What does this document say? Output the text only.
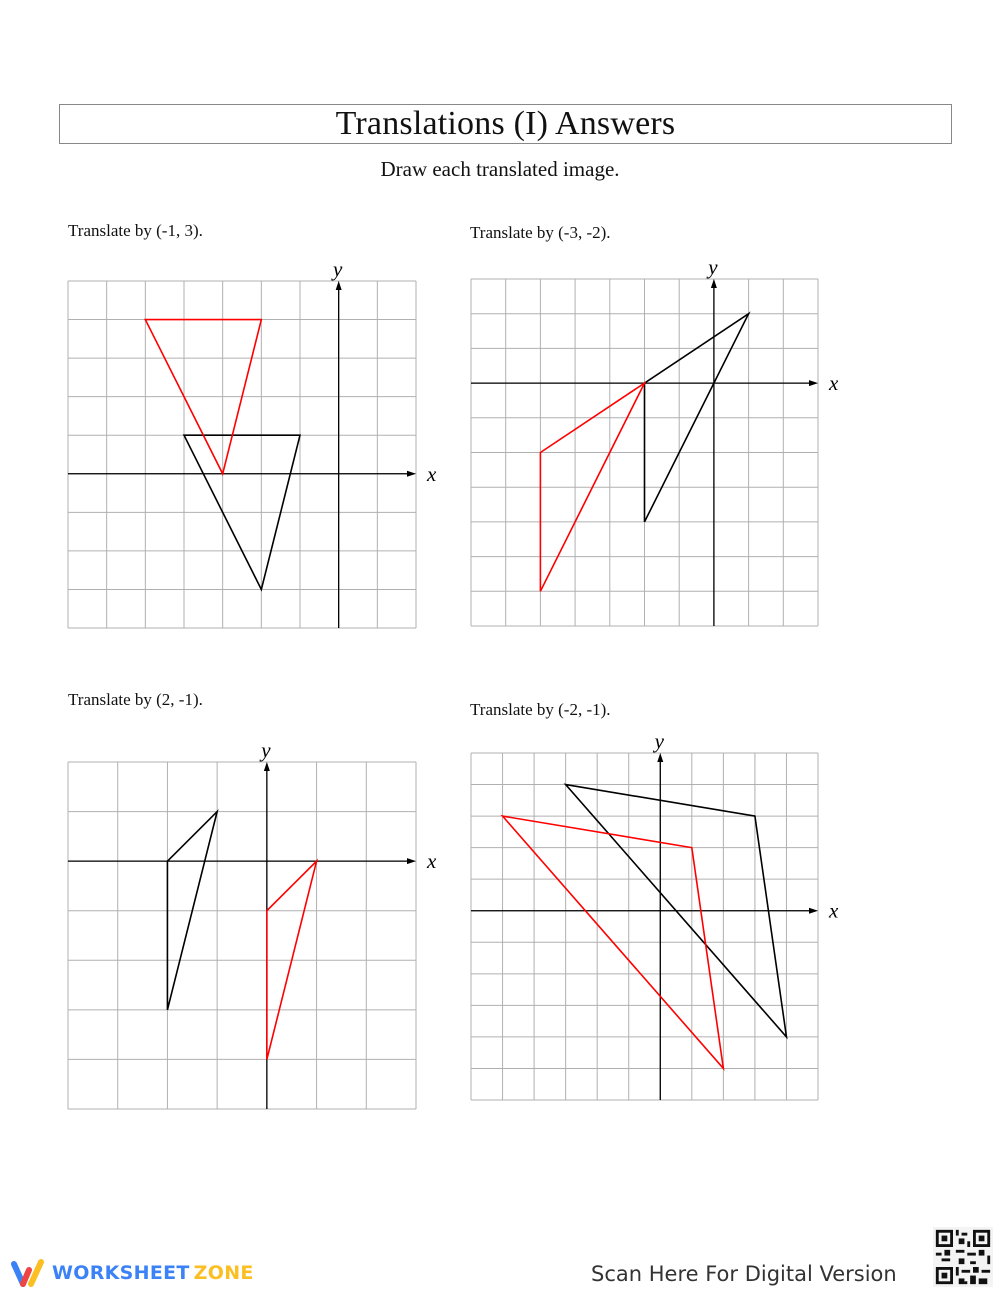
Translations (I) Answers
Draw each translated image.
Translate by (-1, 3).	Translate by (-3, -2).
Translate by (2, -1).
Translate by (-2, -1).
x
y
x
y
x
y
x
y
WORKSHEET ZONE	Scan Here For Digital Version
